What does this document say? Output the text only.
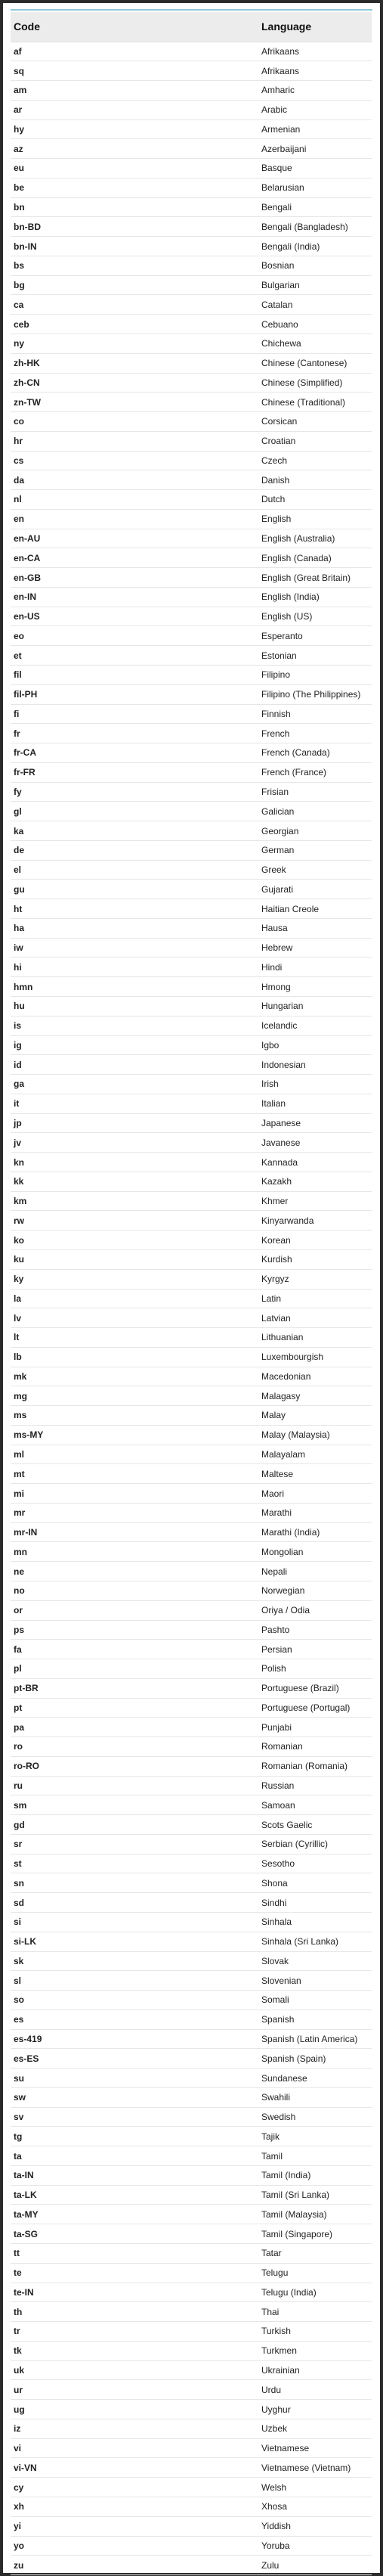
Code	Language
af	Afrikaans
sq	Afrikaans
am	Amharic
ar	Arabic
hy	Armenian
az	Azerbaijani
eu	Basque
be	Belarusian
bn	Bengali
bn-BD	Bengali (Bangladesh)
bn-IN	Bengali (India)
bs	Bosnian
bg	Bulgarian
ca	Catalan
ceb	Cebuano
ny	Chichewa
zh-HK	Chinese (Cantonese)
zh-CN	Chinese (Simplified)
zn-TW	Chinese (Traditional)
co	Corsican
hr	Croatian
cs	Czech
da	Danish
nl	Dutch
en	English
en-AU	English (Australia)
en-CA	English (Canada)
en-GB	English (Great Britain)
en-IN	English (India)
en-US	English (US)
eo	Esperanto
et	Estonian
fil	Filipino
fil-PH	Filipino (The Philippines)
fi	Finnish
fr	French
fr-CA	French (Canada)
fr-FR	French (France)
fy	Frisian
gl	Galician
ka	Georgian
de	German
el	Greek
gu	Gujarati
ht	Haitian Creole
ha	Hausa
iw	Hebrew
hi	Hindi
hmn	Hmong
hu	Hungarian
is	Icelandic
ig	Igbo
id	Indonesian
ga	Irish
it	Italian
jp	Japanese
jv	Javanese
kn	Kannada
kk	Kazakh
km	Khmer
rw	Kinyarwanda
ko	Korean
ku	Kurdish
ky	Kyrgyz
la	Latin
lv	Latvian
lt	Lithuanian
lb	Luxembourgish
mk	Macedonian
mg	Malagasy
ms	Malay
ms-MY	Malay (Malaysia)
ml	Malayalam
mt	Maltese
mi	Maori
mr	Marathi
mr-IN	Marathi (India)
mn	Mongolian
ne	Nepali
no	Norwegian
or	Oriya / Odia
ps	Pashto
fa	Persian
pl	Polish
pt-BR	Portuguese (Brazil)
pt	Portuguese (Portugal)
pa	Punjabi
ro	Romanian
ro-RO	Romanian (Romania)
ru	Russian
sm	Samoan
gd	Scots Gaelic
sr	Serbian (Cyrillic)
st	Sesotho
sn	Shona
sd	Sindhi
si	Sinhala
si-LK	Sinhala (Sri Lanka)
sk	Slovak
sl	Slovenian
so	Somali
es	Spanish
es-419	Spanish (Latin America)
es-ES	Spanish (Spain)
su	Sundanese
sw	Swahili
sv	Swedish
tg	Tajik
ta	Tamil
ta-IN	Tamil (India)
ta-LK	Tamil (Sri Lanka)
ta-MY	Tamil (Malaysia)
ta-SG	Tamil (Singapore)
tt	Tatar
te	Telugu
te-IN	Telugu (India)
th	Thai
tr	Turkish
tk	Turkmen
uk	Ukrainian
ur	Urdu
ug	Uyghur
iz	Uzbek
vi	Vietnamese
vi-VN	Vietnamese (Vietnam)
cy	Welsh
xh	Xhosa
yi	Yiddish
yo	Yoruba
zu	Zulu
